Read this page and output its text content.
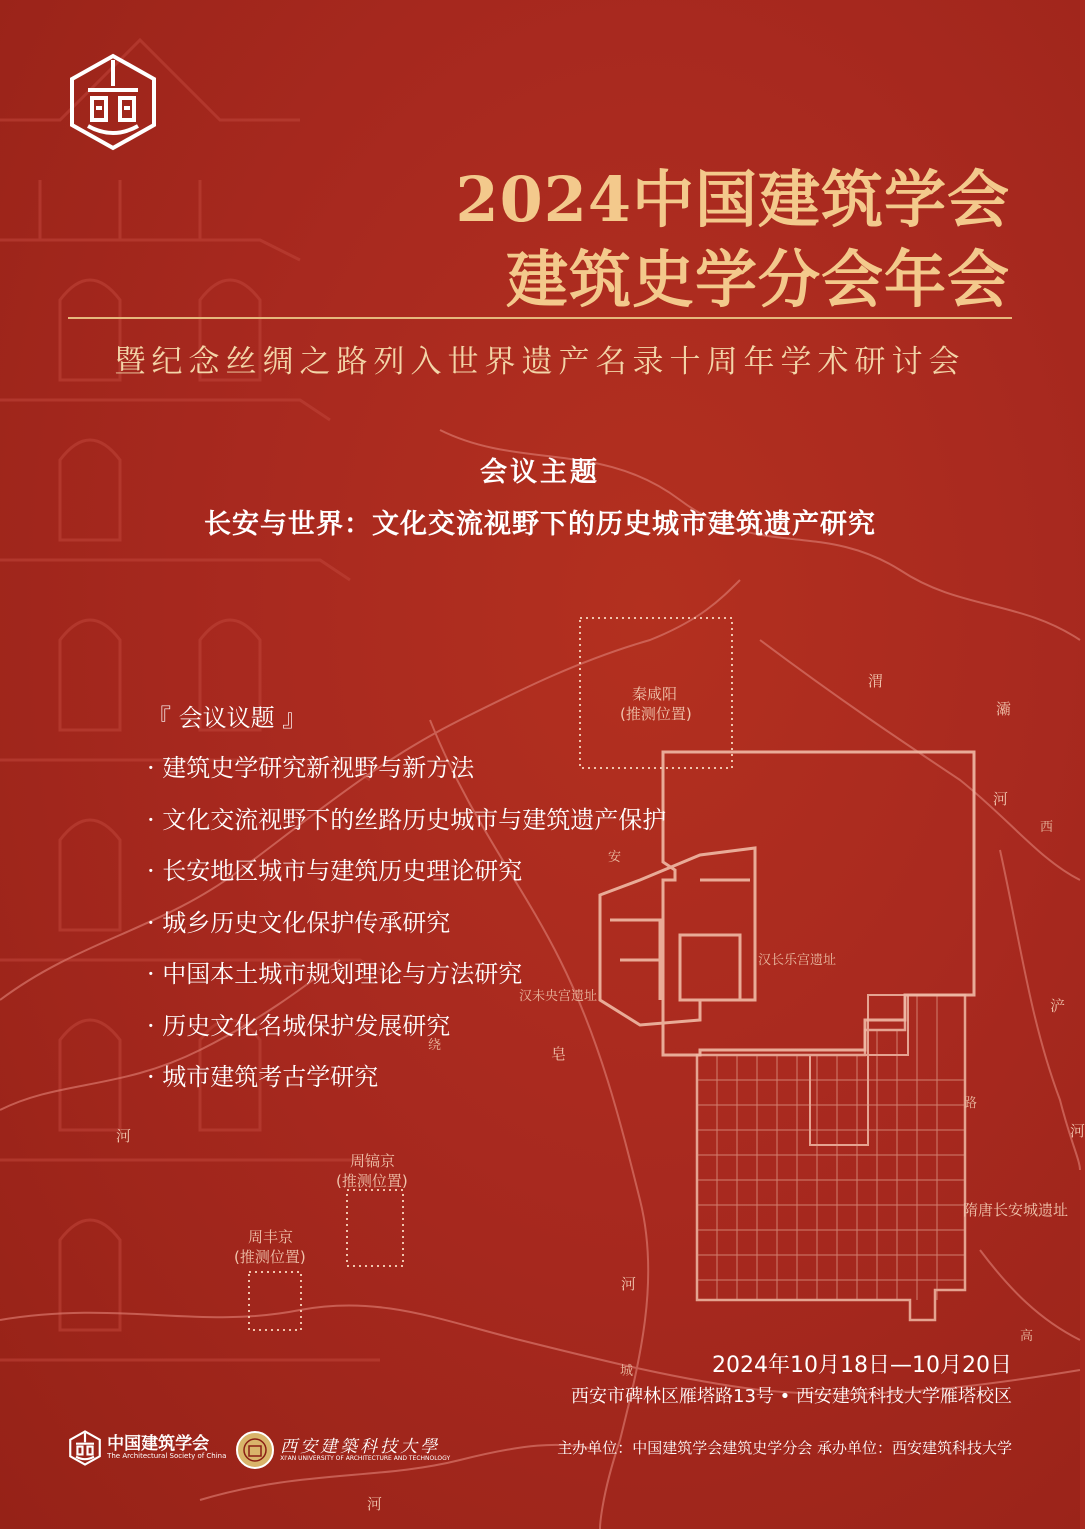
2024中国建筑学会
建筑史学分会年会
暨纪念丝绸之路列入世界遗产名录十周年学术研讨会
会议主题
长安与世界：文化交流视野下的历史城市建筑遗产研究
『 会议议题 』
· 建筑史学研究新视野与新方法
· 文化交流视野下的丝路历史城市与建筑遗产保护
· 长安地区城市与建筑历史理论研究
· 城乡历史文化保护传承研究
· 中国本土城市规划理论与方法研究
· 历史文化名城保护发展研究
· 城市建筑考古学研究
秦咸阳
(推测位置)
渭
灞
河
西
安
汉长乐宫遗址
汉未央宫遗址
皂
绕
浐
路
河
周镐京
(推测位置)
周丰京
(推测位置)
隋唐长安城遗址
河
高
城
河
河
2024年10月18日—10月20日
西安市碑林区雁塔路13号 • 西安建筑科技大学雁塔校区
主办单位：中国建筑学会建筑史学分会 承办单位：西安建筑科技大学

中国建筑学会
The Architectural Society of China
	西安建築科技大學
XI'AN UNIVERSITY OF ARCHITECTURE AND TECHNOLOGY
